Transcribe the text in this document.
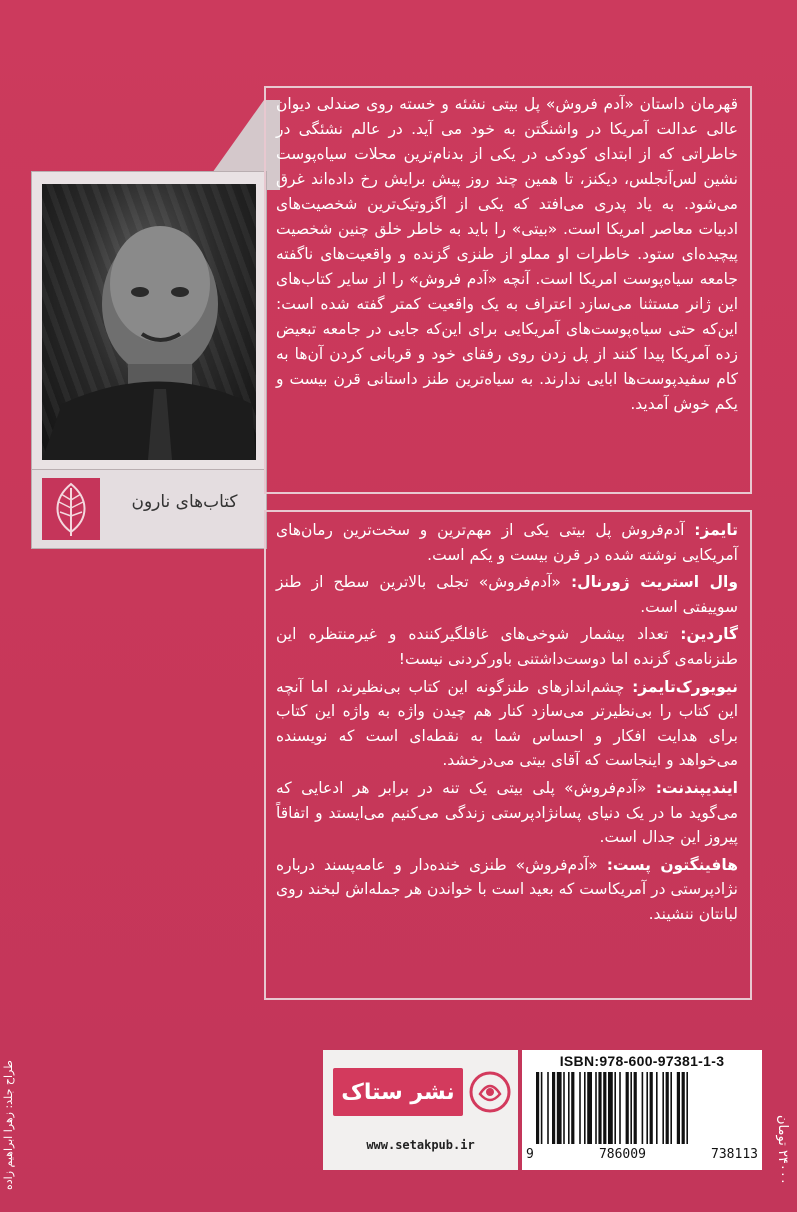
کتاب‌های نارون
قهرمان داستان «آدم فروش» پل بیتی نشئه و خسته روی صندلی دیوان عالی عدالت آمریکا در واشنگتن به خود می آید. در عالم نشئگی در خاطراتی که از ابتدای کودکی در یکی از بدنام‌ترین محلات سیاه‌پوست نشین لس‌آنجلس، دیکنز، تا همین چند روز پیش برایش رخ داده‌اند غرق می‌شود. به یاد پدری می‌افتد که یکی از اگزوتیک‌ترین شخصیت‌های ادبیات معاصر امریکا است. «بیتی» را باید به خاطر خلق چنین شخصیت پیچیده‌ای ستود. خاطرات او مملو از طنزی گزنده و واقعیت‌های ناگفته جامعه سیاه‌پوست امریکا است. آنچه «آدم فروش» را از سایر کتاب‌های این ژانر مستثنا می‌سازد اعتراف به یک واقعیت کمتر گفته شده است: این‌که حتی سیاه‌پوست‌های آمریکایی برای این‌که جایی در جامعه تبعیض زده آمریکا پیدا کنند از پل زدن روی رفقای خود و قربانی کردن آن‌ها به کام سفیدپوست‌ها ابایی ندارند. به سیاه‌ترین طنز داستانی قرن بیست و یکم خوش آمدید.

تایمز: آدم‌فروش پل بیتی یکی از مهم‌ترین و سخت‌ترین رمان‌های آمریکایی نوشته شده در قرن بیست و یکم است.

وال استریت ژورنال: «آدم‌فروش» تجلی بالاترین سطح از طنز سوییفتی است.

گاردین: تعداد بیشمار شوخی‌های غافلگیرکننده و غیرمنتظره این طنزنامه‌ی گزنده اما دوست‌داشتنی باورکردنی نیست!

نیویورک‌تایمز: چشم‌اندازهای طنزگونه این کتاب بی‌نظیرند، اما آنچه این کتاب را بی‌نظیرتر می‌سازد کنار هم چیدن واژه به واژه این کتاب برای هدایت افکار و احساس شما به نقطه‌ای است که نویسنده می‌خواهد و اینجاست که آقای بیتی می‌درخشد.

ایندیپندنت: «آدم‌فروش» پلی بیتی یک تنه در برابر هر ادعایی که می‌گوید ما در یک دنیای پسانژادپرستی زندگی می‌کنیم می‌ایستد و اتفاقاً پیروز این جدال است.

هافینگتون پست: «آدم‌فروش» طنزی خنده‌دار و عامه‌پسند درباره نژادپرستی در آمریکاست که بعید است با خواندن هر جمله‌اش لبخند روی لبانتان ننشیند.

طراح جلد: زهرا ابراهیم زاده	۲۴۰۰۰ تومان
نشر ستاک
www.setakpub.ir
ISBN:978-600-97381-1-3
9	786009	738113
